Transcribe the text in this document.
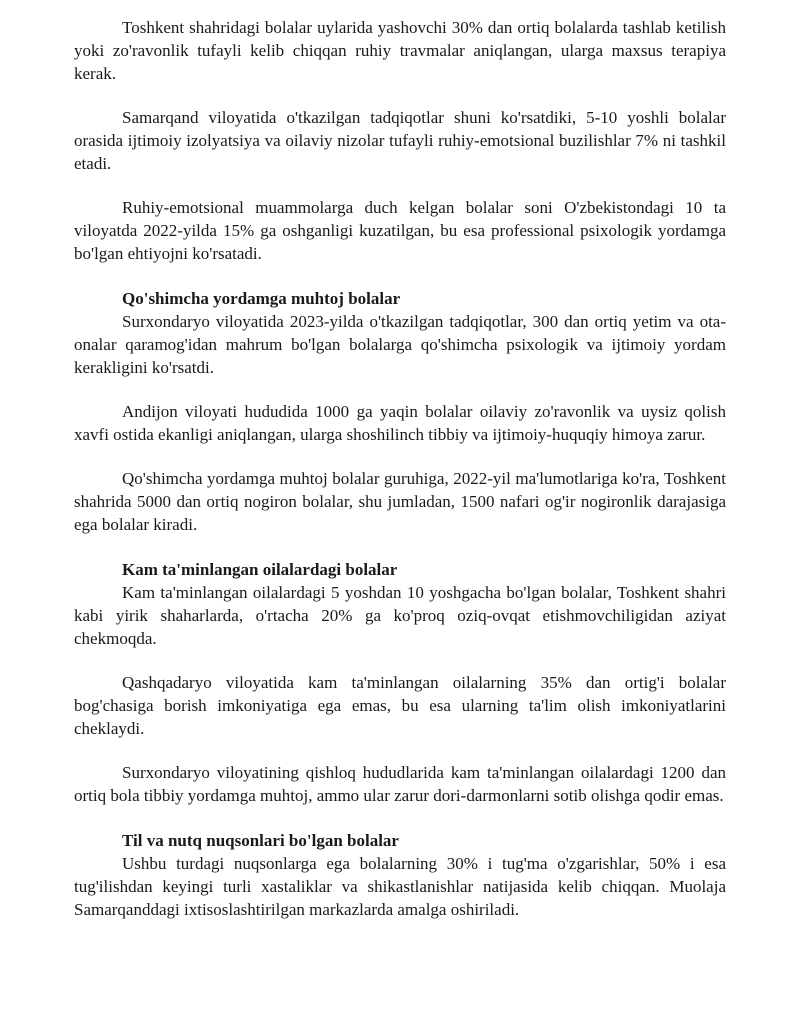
Toshkent shahridagi bolalar uylarida yashovchi 30% dan ortiq bolalarda tashlab ketilish yoki zo'ravonlik tufayli kelib chiqqan ruhiy travmalar aniqlangan, ularga maxsus terapiya kerak.

Samarqand viloyatida o'tkazilgan tadqiqotlar shuni ko'rsatdiki, 5-10 yoshli bolalar orasida ijtimoiy izolyatsiya va oilaviy nizolar tufayli ruhiy-emotsional buzilishlar 7% ni tashkil etadi.

Ruhiy-emotsional muammolarga duch kelgan bolalar soni O'zbekistondagi 10 ta viloyatda 2022-yilda 15% ga oshganligi kuzatilgan, bu esa professional psixologik yordamga bo'lgan ehtiyojni ko'rsatadi.

Qo'shimcha yordamga muhtoj bolalar

Surxondaryo viloyatida 2023-yilda o'tkazilgan tadqiqotlar, 300 dan ortiq yetim va ota-onalar qaramog'idan mahrum bo'lgan bolalarga qo'shimcha psixologik va ijtimoiy yordam kerakligini ko'rsatdi.

Andijon viloyati hududida 1000 ga yaqin bolalar oilaviy zo'ravonlik va uysiz qolish xavfi ostida ekanligi aniqlangan, ularga shoshilinch tibbiy va ijtimoiy-huquqiy himoya zarur.

Qo'shimcha yordamga muhtoj bolalar guruhiga, 2022-yil ma'lumotlariga ko'ra, Toshkent shahrida 5000 dan ortiq nogiron bolalar, shu jumladan, 1500 nafari og'ir nogironlik darajasiga ega bolalar kiradi.

Kam ta'minlangan oilalardagi bolalar

Kam ta'minlangan oilalardagi 5 yoshdan 10 yoshgacha bo'lgan bolalar, Toshkent shahri kabi yirik shaharlarda, o'rtacha 20% ga ko'proq oziq-ovqat etishmovchiligidan aziyat chekmoqda.

Qashqadaryo viloyatida kam ta'minlangan oilalarning 35% dan ortig'i bolalar bog'chasiga borish imkoniyatiga ega emas, bu esa ularning ta'lim olish imkoniyatlarini cheklaydi.

Surxondaryo viloyatining qishloq hududlarida kam ta'minlangan oilalardagi 1200 dan ortiq bola tibbiy yordamga muhtoj, ammo ular zarur dori-darmonlarni sotib olishga qodir emas.

Til va nutq nuqsonlari bo'lgan bolalar

Ushbu turdagi nuqsonlarga ega bolalarning 30% i tug'ma o'zgarishlar, 50% i esa tug'ilishdan keyingi turli xastaliklar va shikastlanishlar natijasida kelib chiqqan. Muolaja Samarqanddagi ixtisoslashtirilgan markazlarda amalga oshiriladi.
